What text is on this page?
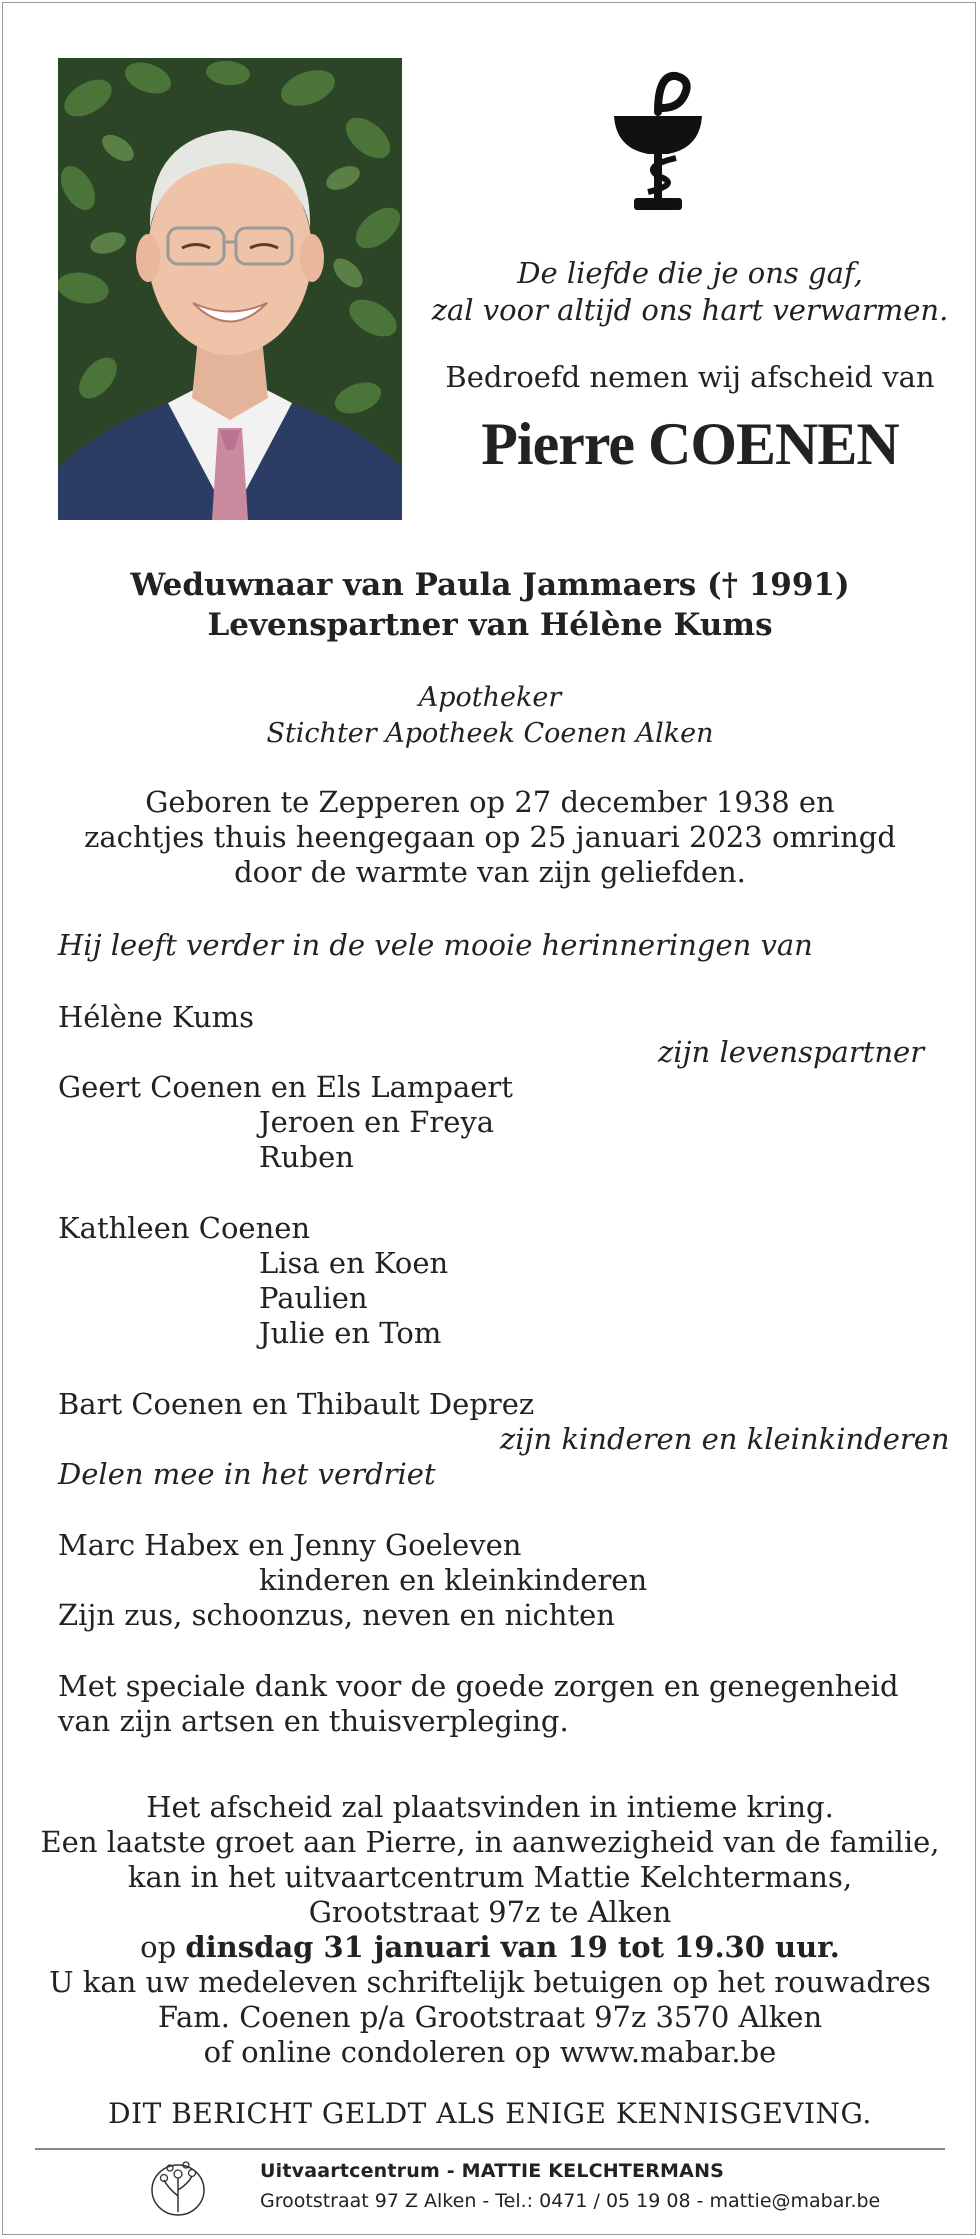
De liefde die je ons gaf,
zal voor altijd ons hart verwarmen.
Bedroefd nemen wij afscheid van
Pierre COENEN
Weduwnaar van Paula Jammaers († 1991)
Levenspartner van Hélène Kums
Apotheker
Stichter Apotheek Coenen Alken
Geboren te Zepperen op 27 december 1938 en
zachtjes thuis heengegaan op 25 januari 2023 omringd
door de warmte van zijn geliefden.
Hij leeft verder in de vele mooie herinneringen van
Hélène Kums
zijn levenspartner
Geert Coenen en Els Lampaert
Jeroen en Freya
Ruben
Kathleen Coenen
Lisa en Koen
Paulien
Julie en Tom
Bart Coenen en Thibault Deprez
zijn kinderen en kleinkinderen
Delen mee in het verdriet
Marc Habex en Jenny Goeleven
kinderen en kleinkinderen
Zijn zus, schoonzus, neven en nichten
Met speciale dank voor de goede zorgen en genegenheid
van zijn artsen en thuisverpleging.
Het afscheid zal plaatsvinden in intieme kring.
Een laatste groet aan Pierre, in aanwezigheid van de familie,
kan in het uitvaartcentrum Mattie Kelchtermans,
Grootstraat 97z te Alken
op dinsdag 31 januari van 19 tot 19.30 uur.
U kan uw medeleven schriftelijk betuigen op het rouwadres
Fam. Coenen p/a Grootstraat 97z 3570 Alken
of online condoleren op www.mabar.be
DIT BERICHT GELDT ALS ENIGE KENNISGEVING.
Uitvaartcentrum - MATTIE KELCHTERMANS
Grootstraat 97 Z Alken - Tel.: 0471 / 05 19 08 - mattie@mabar.be
